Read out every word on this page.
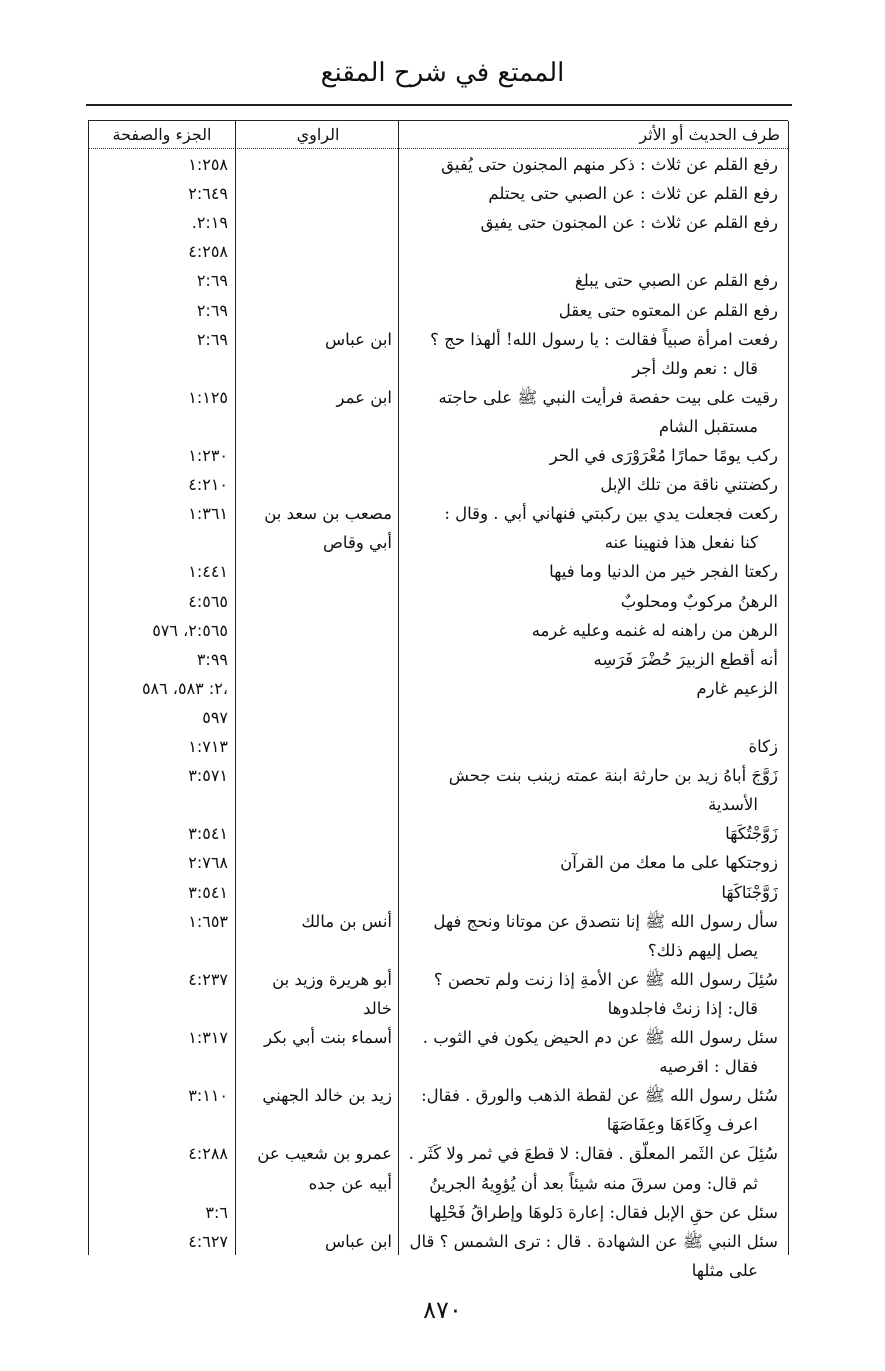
الممتع في شرح المقنع
طرف الحديث أو الأثر
الراوي
الجزء والصفحة
رفع القلم عن ثلاث : ذكر منهم المجنون حتى يُفيق
١:٢٥٨
رفع القلم عن ثلاث : عن الصبي حتى يحتلم
٢:٦٤٩
رفع القلم عن ثلاث : عن المجنون حتى يفيق
.٢:١٩
٤:٢٥٨
رفع القلم عن الصبي حتى يبلغ
٢:٦٩
رفع القلم عن المعتوه حتى يعقل
٢:٦٩
رفعت امرأة صبياً فقالت : يا رسول الله! ألهذا حج ؟
قال : نعم ولك أجر
ابن عباس
٢:٦٩
رقيت على بيت حفصة فرأيت النبي ﷺ على حاجته
مستقبل الشام
ابن عمر
١:١٢٥
ركب يومًا حمارًا مُعْرَوْرَى في الحر
١:٢٣٠
ركضتني ناقة من تلك الإبل
٤:٢١٠
ركعت فجعلت يدي بين ركبتي فنهاني أبي . وقال :
كنا نفعل هذا فنهينا عنه
مصعب بن سعد بن
أبي وقاص
١:٣٦١
ركعتا الفجر خير من الدنيا وما فيها
١:٤٤١
الرهنُ مركوبٌ ومحلوبٌ
٤:٥٦٥
الرهن من راهنه له غنمه وعليه غرمه
٢:٥٦٥، ٥٧٦
أنه أقطع الزبيرَ حُضْرَ فَرَسِه
٣:٩٩
الزعيم غارم
٢: ٥٨٣، ٥٨٦،
٥٩٧
زكاة
١:٧١٣
زَوَّجَ أباهُ زيد بن حارثة ابنة عمته زينب بنت جحش
الأسدية
٣:٥٧١
زَوَّجْتُكَهَا
٣:٥٤١
زوجتكها على ما معك من القرآن
٢:٧٦٨
زَوَّجْنَاكَهَا
٣:٥٤١
سأل رسول الله ﷺ إنا نتصدق عن موتانا ونحج فهل
يصل إليهم ذلك؟
أنس بن مالك
١:٦٥٣
سُئِلَ رسول الله ﷺ عن الأمةِ إذا زنت ولم تحصن ؟
قال: إذا زنتْ فاجلدوها
أبو هريرة وزيد بن
خالد
٤:٢٣٧
سئل رسول الله ﷺ عن دم الحيض يكون في الثوب .
فقال : اقرصيه
أسماء بنت أبي بكر
١:٣١٧
سُئل رسول الله ﷺ عن لقطة الذهب والورق . فقال:
اعرف وِكَاءَهَا وعِفَاصَهَا
زيد بن خالد الجهني
٣:١١٠
سُئِلَ عن الثَمر المعلّق . فقال: لا قطعَ في ثمر ولا كَثَر .
ثم قال: ومن سرقَ منه شيئاً بعد أن يُؤوِيهُ الجرينُ
عمرو بن شعيب عن
أبيه عن جده
٤:٢٨٨
سئل عن حقِ الإبل فقال: إعارة دَلوهَا وإطراقُ فَحْلِها
٣:٦
سئل النبي ﷺ عن الشهادة . قال : ترى الشمس ؟ قال
على مثلها
ابن عباس
٤:٦٢٧
٨٧٠
